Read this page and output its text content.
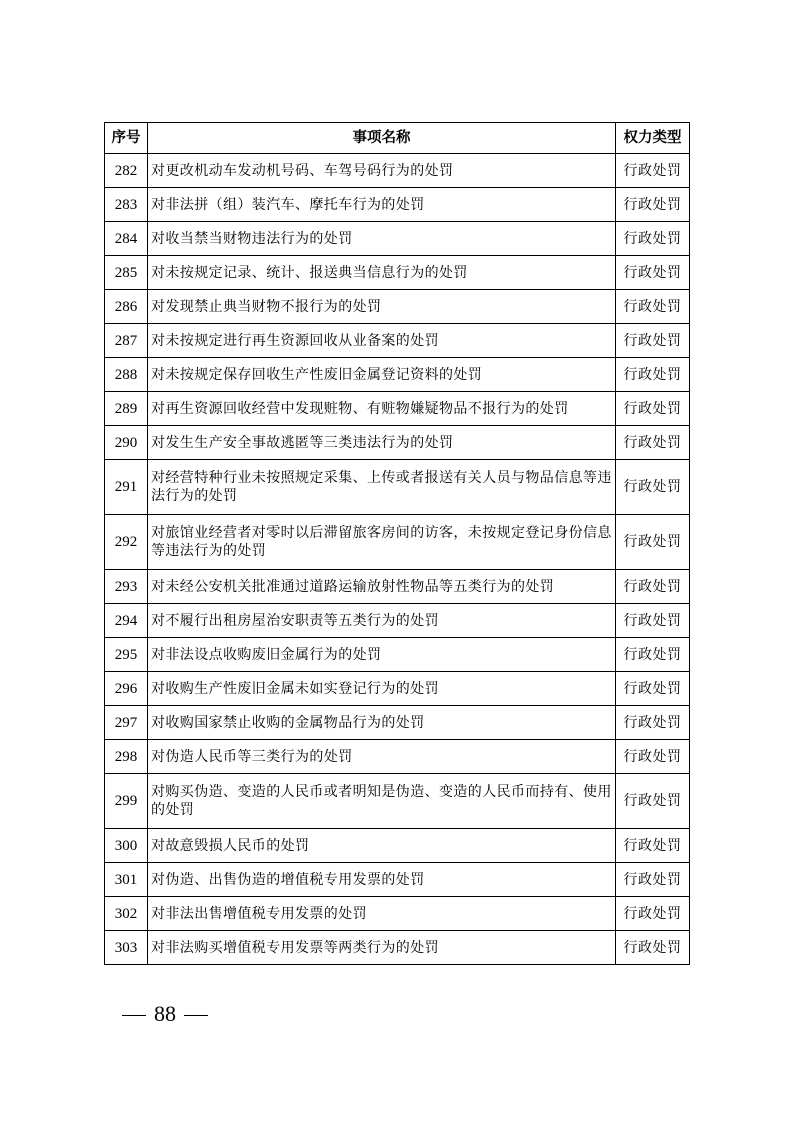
序号	事项名称	权力类型
282	对更改机动车发动机号码、车驾号码行为的处罚	行政处罚
283	对非法拼（组）装汽车、摩托车行为的处罚	行政处罚
284	对收当禁当财物违法行为的处罚	行政处罚
285	对未按规定记录、统计、报送典当信息行为的处罚	行政处罚
286	对发现禁止典当财物不报行为的处罚	行政处罚
287	对未按规定进行再生资源回收从业备案的处罚	行政处罚
288	对未按规定保存回收生产性废旧金属登记资料的处罚	行政处罚
289	对再生资源回收经营中发现赃物、有赃物嫌疑物品不报行为的处罚	行政处罚
290	对发生生产安全事故逃匿等三类违法行为的处罚	行政处罚
291	对经营特种行业未按照规定采集、上传或者报送有关人员与物品信息等违法行为的处罚	行政处罚
292	对旅馆业经营者对零时以后滞留旅客房间的访客，未按规定登记身份信息等违法行为的处罚	行政处罚
293	对未经公安机关批准通过道路运输放射性物品等五类行为的处罚	行政处罚
294	对不履行出租房屋治安职责等五类行为的处罚	行政处罚
295	对非法设点收购废旧金属行为的处罚	行政处罚
296	对收购生产性废旧金属未如实登记行为的处罚	行政处罚
297	对收购国家禁止收购的金属物品行为的处罚	行政处罚
298	对伪造人民币等三类行为的处罚	行政处罚
299	对购买伪造、变造的人民币或者明知是伪造、变造的人民币而持有、使用的处罚	行政处罚
300	对故意毁损人民币的处罚	行政处罚
301	对伪造、出售伪造的增值税专用发票的处罚	行政处罚
302	对非法出售增值税专用发票的处罚	行政处罚
303	对非法购买增值税专用发票等两类行为的处罚	行政处罚
88
